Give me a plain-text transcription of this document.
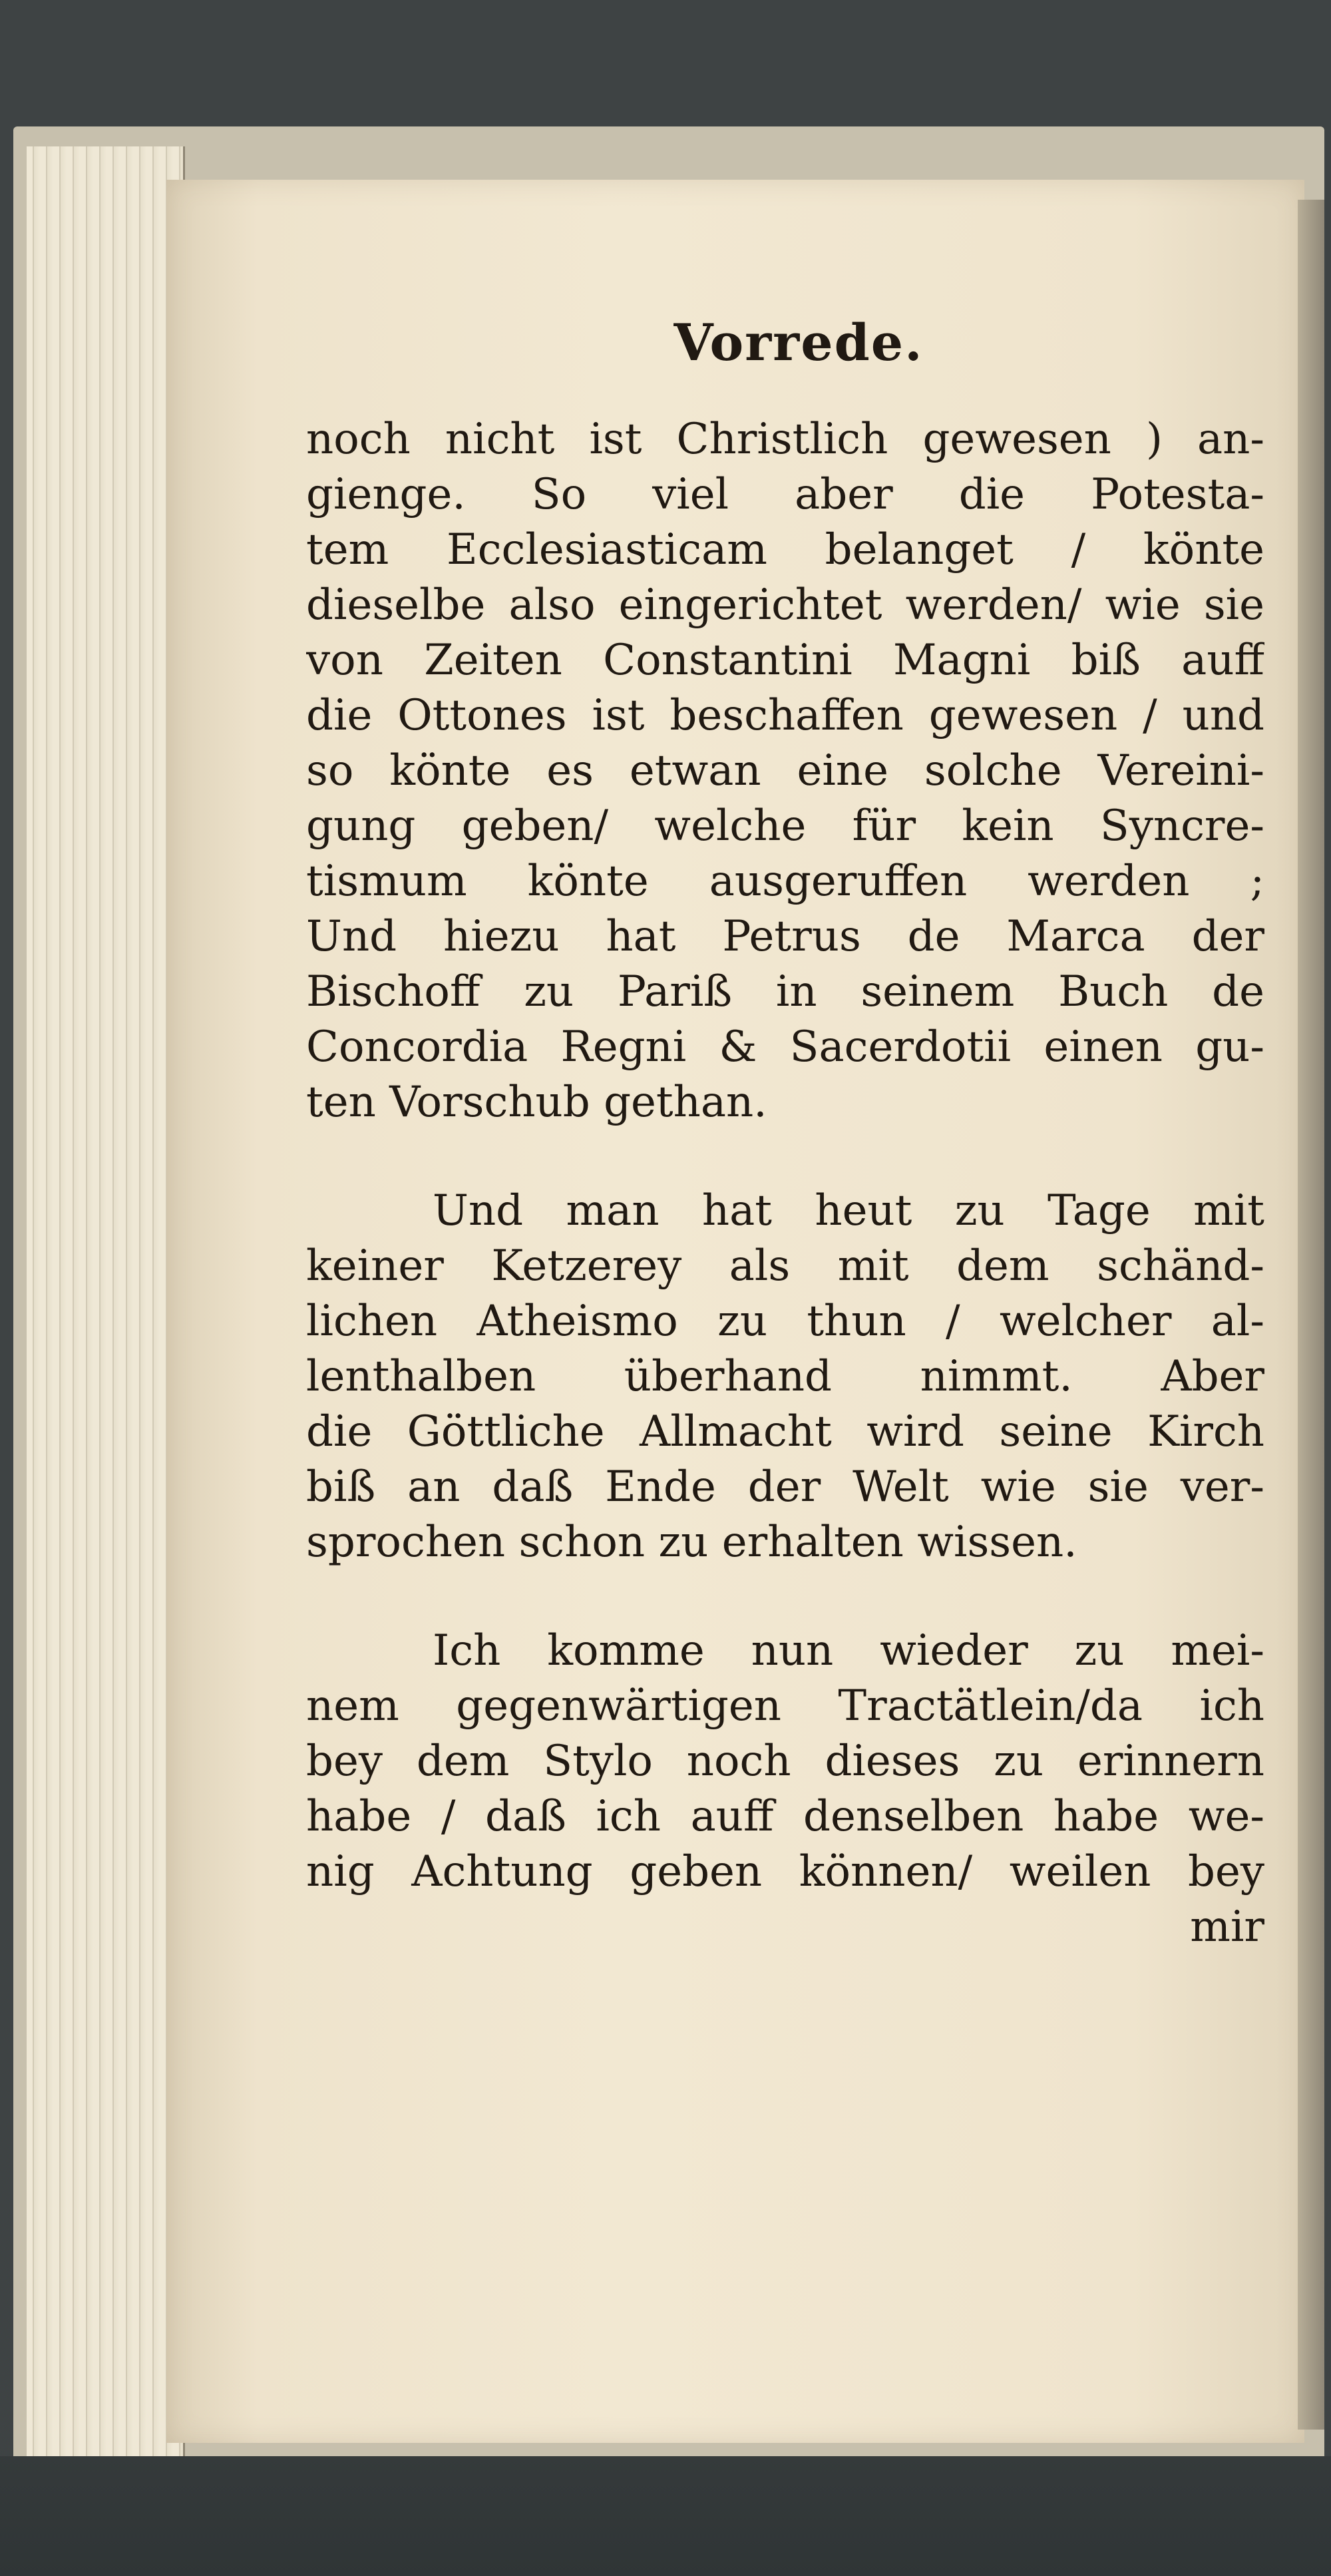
Vorrede.
noch nicht ist Christlich gewesen ) an-
gienge. So viel aber die Potesta-
tem Ecclesiasticam belanget / könte
dieselbe also eingerichtet werden/ wie sie
von Zeiten Constantini Magni biß auff
die Ottones ist beschaffen gewesen / und
so könte es etwan eine solche Vereini-
gung geben/ welche für kein Syncre-
tismum könte ausgeruffen werden ;
Und hiezu hat Petrus de Marca der
Bischoff zu Pariß in seinem Buch de
Concordia Regni & Sacerdotii einen gu-
ten Vorschub gethan.
Und man hat heut zu Tage mit
keiner Ketzerey als mit dem schänd-
lichen Atheismo zu thun / welcher al-
lenthalben überhand nimmt. Aber
die Göttliche Allmacht wird seine Kirch
biß an daß Ende der Welt wie sie ver-
sprochen schon zu erhalten wissen.
Ich komme nun wieder zu mei-
nem gegenwärtigen Tractätlein/da ich
bey dem Stylo noch dieses zu erinnern
habe / daß ich auff denselben habe we-
nig Achtung geben können/ weilen bey
mir
